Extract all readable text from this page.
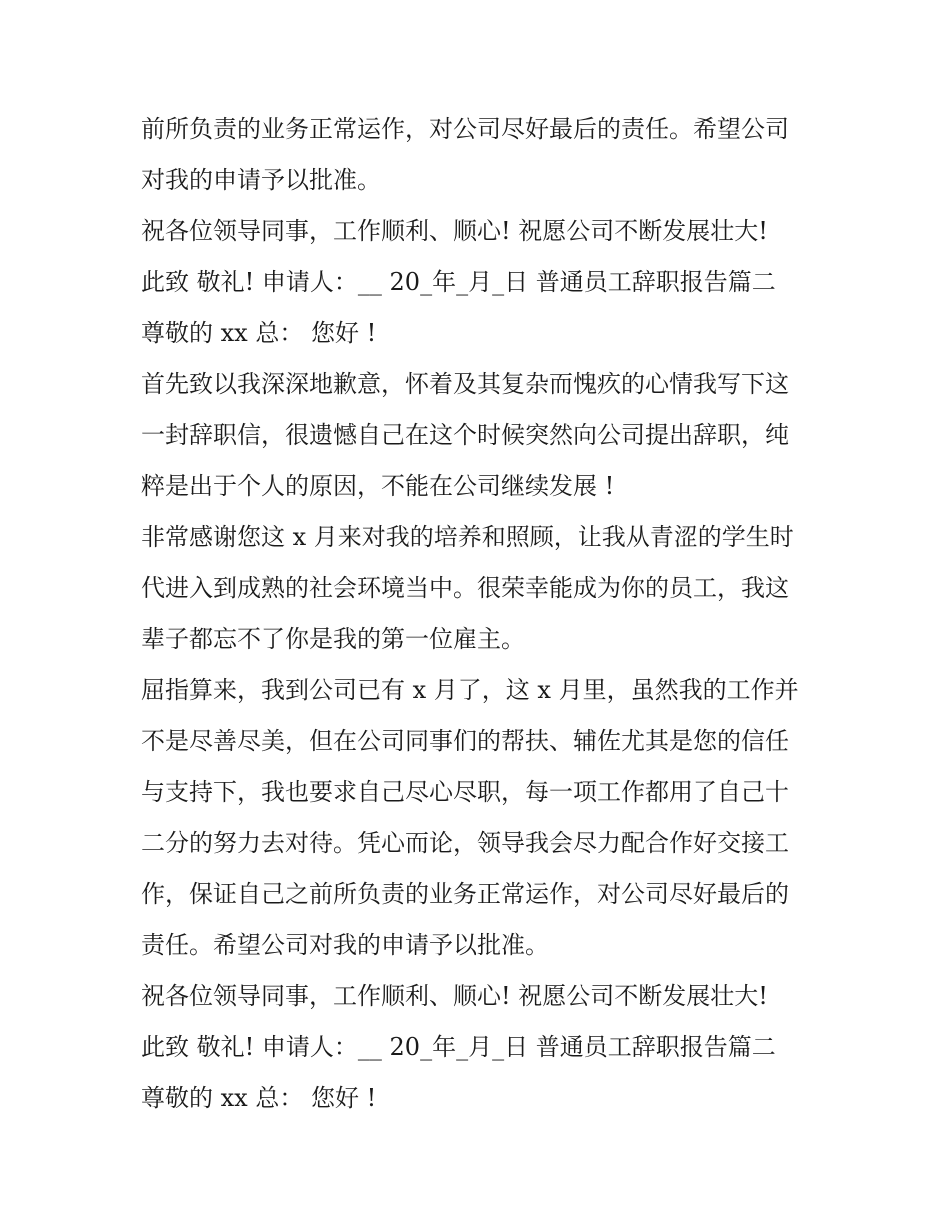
前所负责的业务正常运作，对公司尽好最后的责任。希望公司
对我的申请予以批准。
祝各位领导同事，工作顺利、顺心! 祝愿公司不断发展壮大!
此致 敬礼! 申请人：__ 20_年_月_日 普通员工辞职报告篇二
尊敬的 xx 总： 您好 !
首先致以我深深地歉意，怀着及其复杂而愧疚的心情我写下这
一封辞职信，很遗憾自己在这个时候突然向公司提出辞职，纯
粹是出于个人的原因，不能在公司继续发展 !
非常感谢您这 x 月来对我的培养和照顾，让我从青涩的学生时
代进入到成熟的社会环境当中。很荣幸能成为你的员工，我这
辈子都忘不了你是我的第一位雇主。
屈指算来，我到公司已有 x 月了，这 x 月里，虽然我的工作并
不是尽善尽美，但在公司同事们的帮扶、辅佐尤其是您的信任
与支持下，我也要求自己尽心尽职，每一项工作都用了自己十
二分的努力去对待。凭心而论，领导我会尽力配合作好交接工
作，保证自己之前所负责的业务正常运作，对公司尽好最后的
责任。希望公司对我的申请予以批准。
祝各位领导同事，工作顺利、顺心! 祝愿公司不断发展壮大!
此致 敬礼! 申请人：__ 20_年_月_日 普通员工辞职报告篇二
尊敬的 xx 总： 您好 !
